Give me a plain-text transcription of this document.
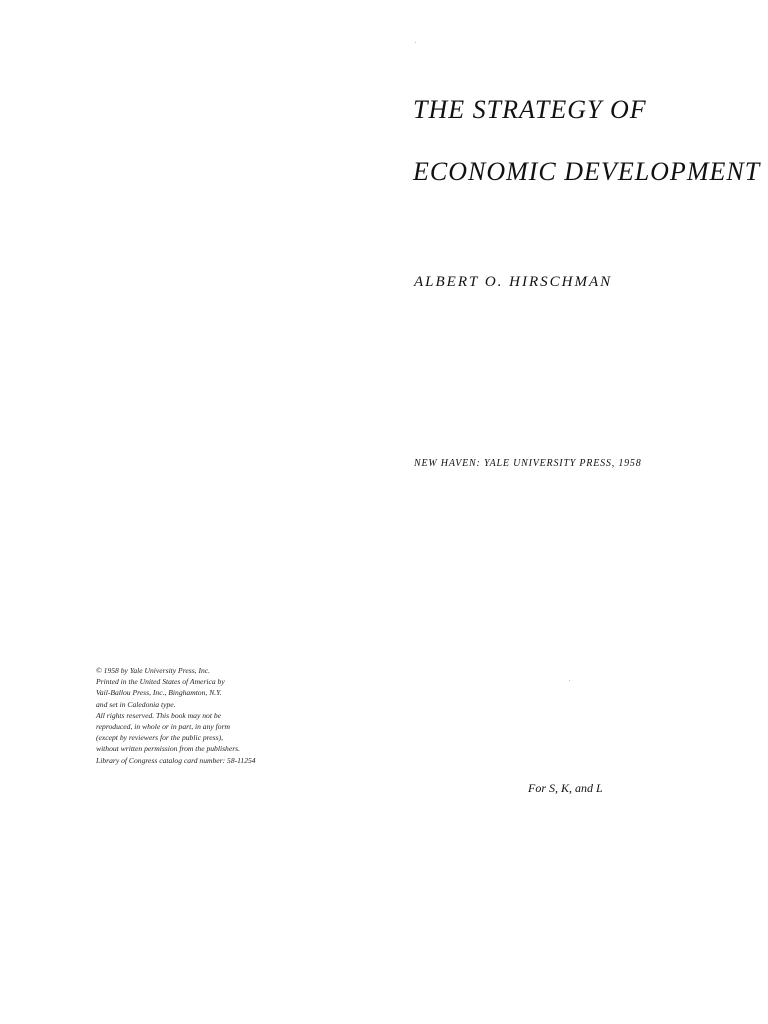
THE STRATEGY OF
ECONOMIC DEVELOPMENT
ALBERT O. HIRSCHMAN
NEW HAVEN: YALE UNIVERSITY PRESS, 1958
© 1958 by Yale University Press, Inc.
Printed in the United States of America by
Vail-Ballou Press, Inc., Binghamton, N.Y.
and set in Caledonia type.
All rights reserved. This book may not be
reproduced, in whole or in part, in any form
(except by reviewers for the public press),
without written permission from the publishers.
Library of Congress catalog card number: 58-11254
For S, K, and L
